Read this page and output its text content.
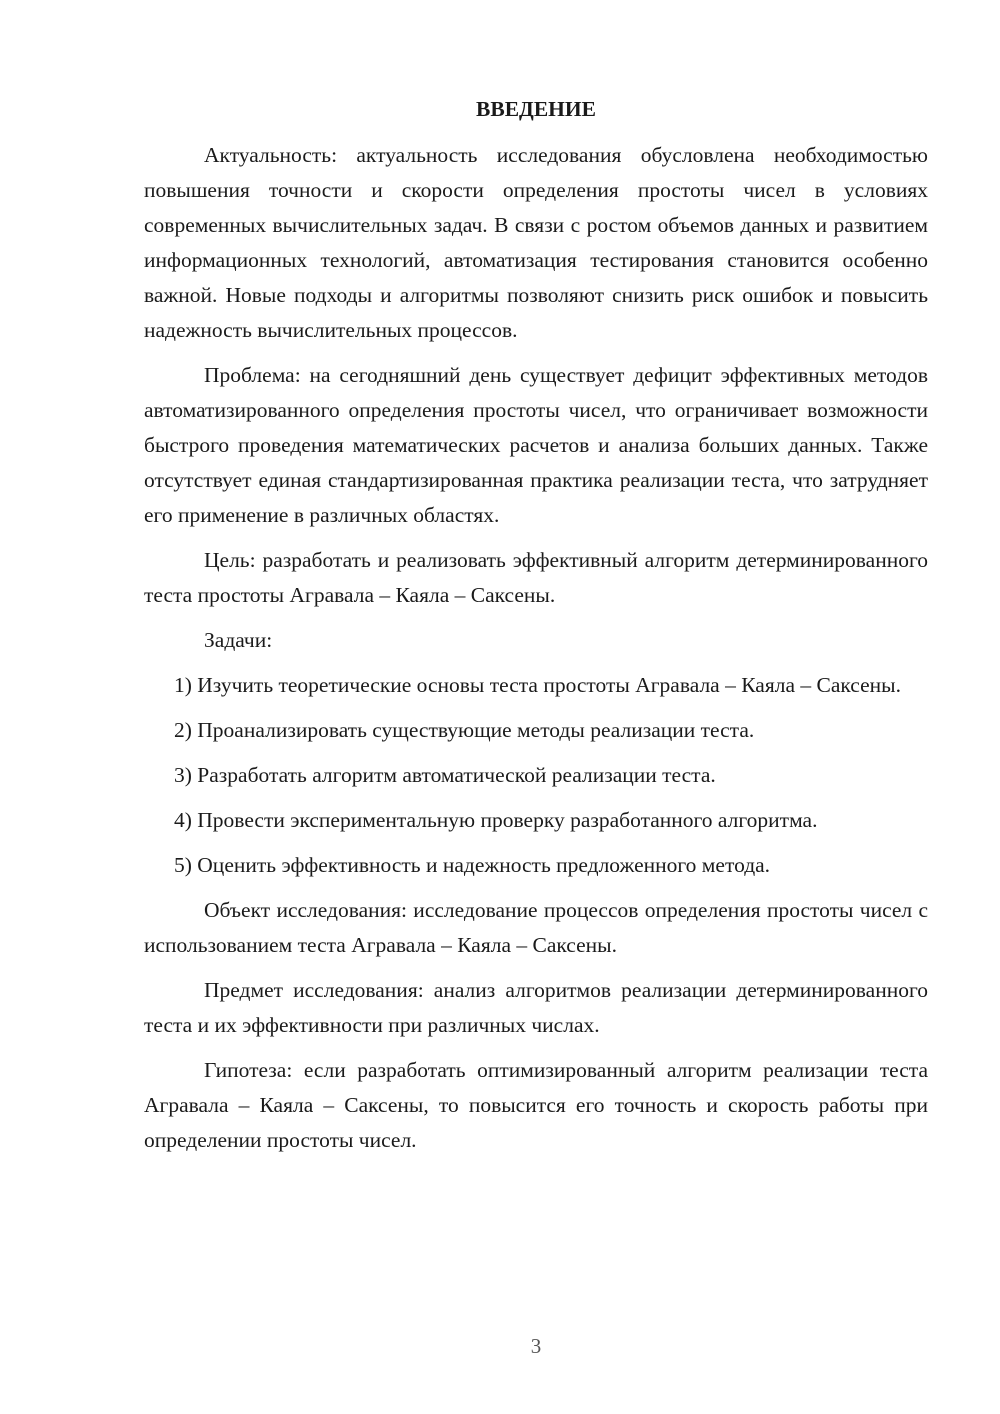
ВВЕДЕНИЕ

Актуальность: актуальность исследования обусловлена необходимостью повышения точности и скорости определения простоты чисел в условиях современных вычислительных задач. В связи с ростом объемов данных и развитием информационных технологий, автоматизация тестирования становится особенно важной. Новые подходы и алгоритмы позволяют снизить риск ошибок и повысить надежность вычислительных процессов.

Проблема: на сегодняшний день существует дефицит эффективных методов автоматизированного определения простоты чисел, что ограничивает возможности быстрого проведения математических расчетов и анализа больших данных. Также отсутствует единая стандартизированная практика реализации теста, что затрудняет его применение в различных областях.

Цель: разработать и реализовать эффективный алгоритм детерминированного теста простоты Агравала – Каяла – Саксены.

Задачи:

1) Изучить теоретические основы теста простоты Агравала – Каяла – Саксены.

2) Проанализировать существующие методы реализации теста.

3) Разработать алгоритм автоматической реализации теста.

4) Провести экспериментальную проверку разработанного алгоритма.

5) Оценить эффективность и надежность предложенного метода.

Объект исследования: исследование процессов определения простоты чисел с использованием теста Агравала – Каяла – Саксены.

Предмет исследования: анализ алгоритмов реализации детерминированного теста и их эффективности при различных числах.

Гипотеза: если разработать оптимизированный алгоритм реализации теста Агравала – Каяла – Саксены, то повысится его точность и скорость работы при определении простоты чисел.

3
